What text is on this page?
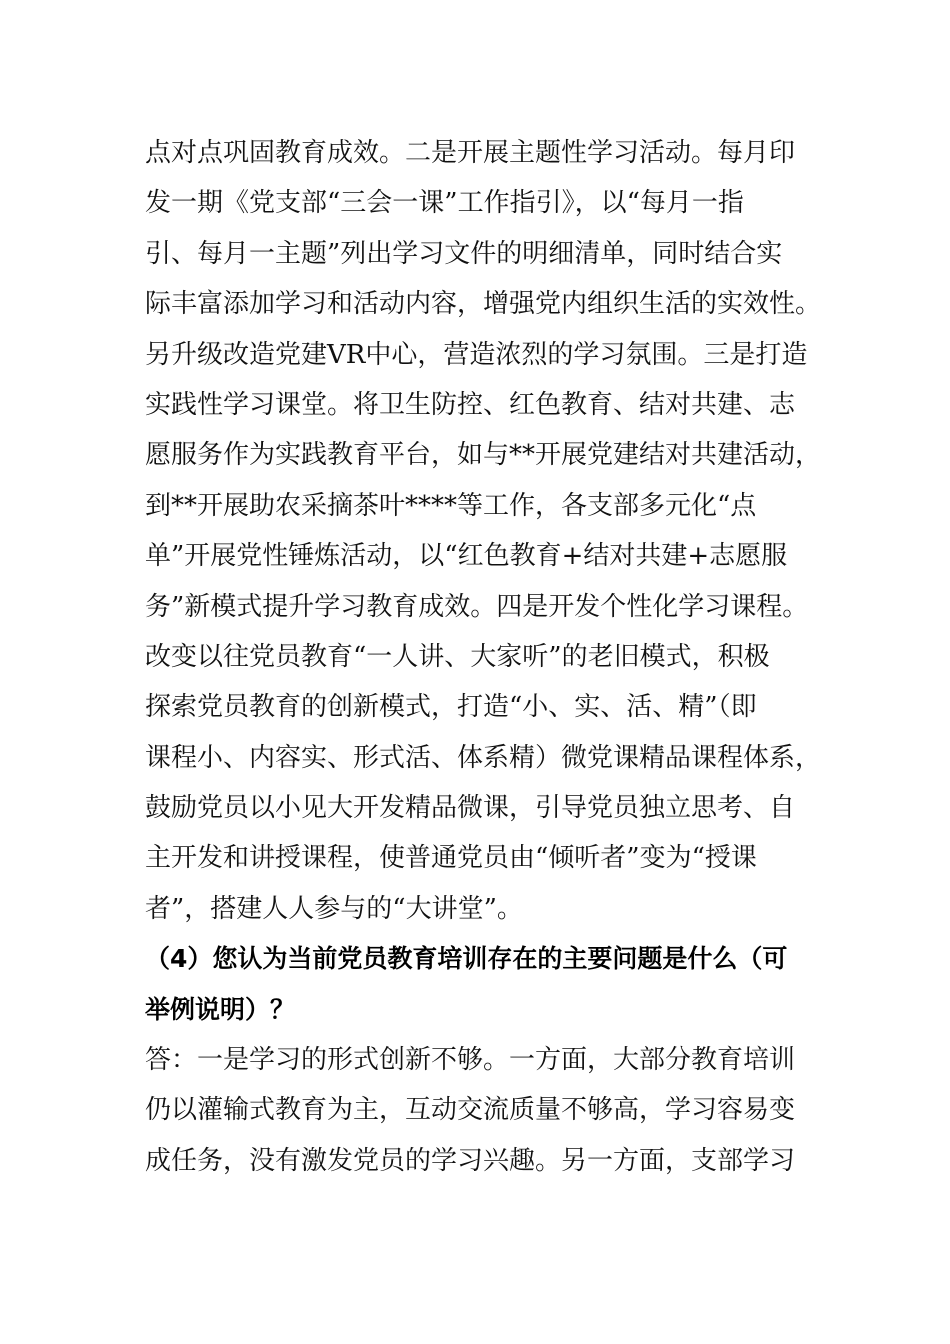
点对点巩固教育成效。二是开展主题性学习活动。每月印
发一期《党支部“三会一课”工作指引》，以“每月一指
引、每月一主题”列出学习文件的明细清单，同时结合实
际丰富添加学习和活动内容，增强党内组织生活的实效性。
另升级改造党建VR中心，营造浓烈的学习氛围。三是打造
实践性学习课堂。将卫生防控、红色教育、结对共建、志
愿服务作为实践教育平台，如与**开展党建结对共建活动，
到**开展助农采摘茶叶****等工作，各支部多元化“点
单”开展党性锤炼活动，以“红色教育+结对共建+志愿服
务”新模式提升学习教育成效。四是开发个性化学习课程。
改变以往党员教育“一人讲、大家听”的老旧模式，积极
探索党员教育的创新模式，打造“小、实、活、精”（即
课程小、内容实、形式活、体系精）微党课精品课程体系，
鼓励党员以小见大开发精品微课，引导党员独立思考、自
主开发和讲授课程，使普通党员由“倾听者”变为“授课
者”，搭建人人参与的“大讲堂”。
（4）您认为当前党员教育培训存在的主要问题是什么（可
举例说明）？
答：一是学习的形式创新不够。一方面，大部分教育培训
仍以灌输式教育为主，互动交流质量不够高，学习容易变
成任务，没有激发党员的学习兴趣。另一方面，支部学习
